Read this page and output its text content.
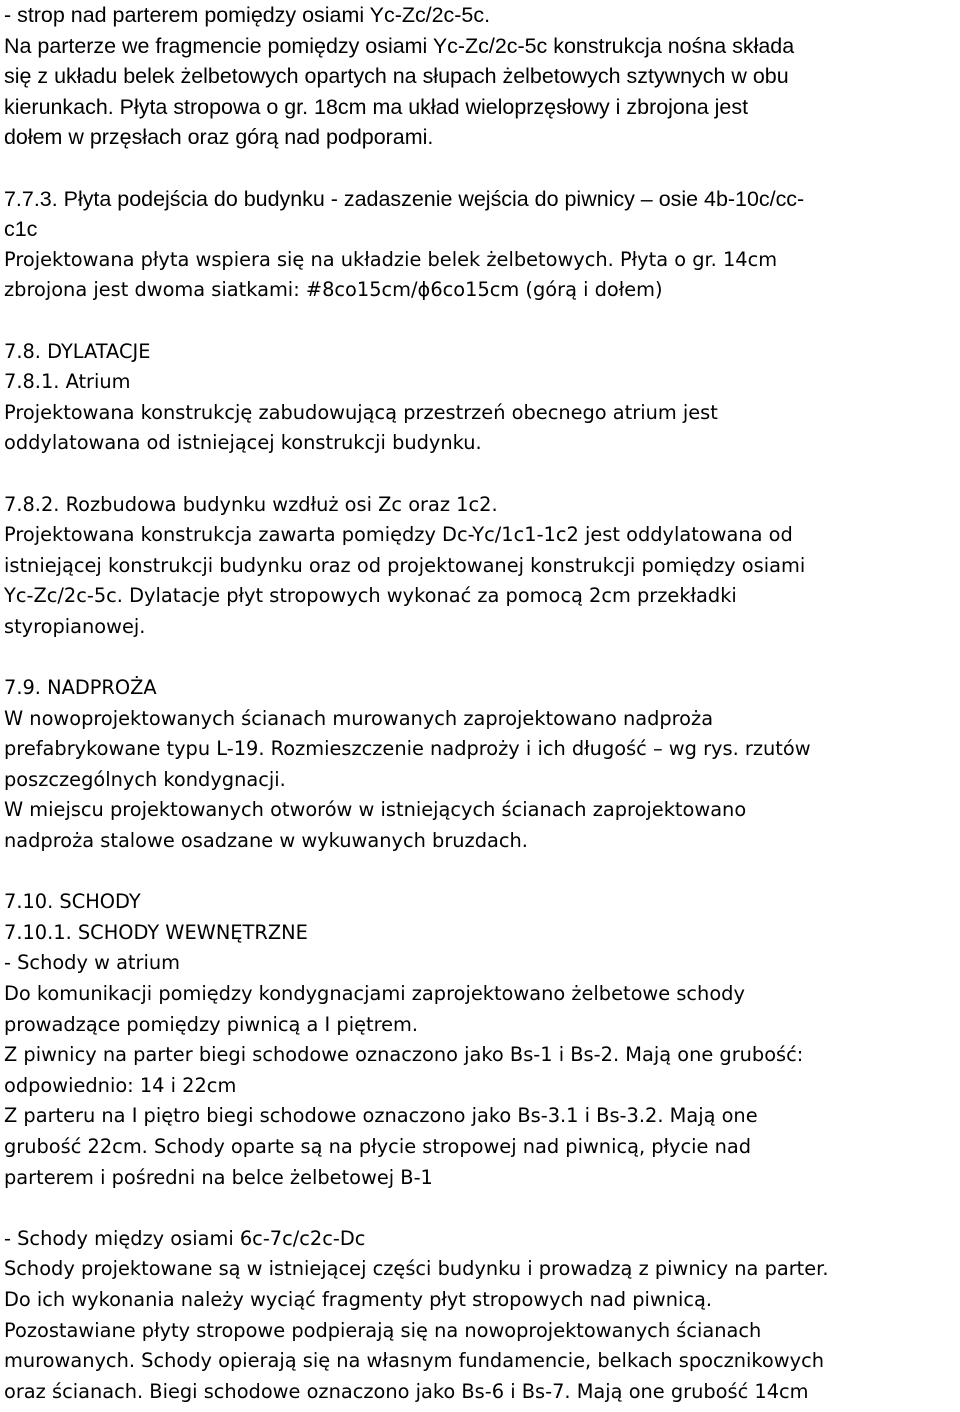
- strop nad parterem pomiędzy osiami Yc-Zc/2c-5c.
Na parterze we fragmencie pomiędzy osiami Yc-Zc/2c-5c konstrukcja nośna składa
się z układu belek żelbetowych opartych na słupach żelbetowych sztywnych w obu
kierunkach. Płyta stropowa o gr. 18cm ma układ wieloprzęsłowy i zbrojona jest
dołem w przęsłach oraz górą nad podporami.
7.7.3. Płyta podejścia do budynku - zadaszenie wejścia do piwnicy – osie 4b-10c/cc-
c1c
Projektowana płyta wspiera się na układzie belek żelbetowych. Płyta o gr. 14cm
zbrojona jest dwoma siatkami: #8co15cm/ϕ6co15cm (górą i dołem)
7.8. DYLATACJE
7.8.1. Atrium
Projektowana konstrukcję zabudowującą przestrzeń obecnego atrium jest
oddylatowana od istniejącej konstrukcji budynku.
7.8.2. Rozbudowa budynku wzdłuż osi Zc oraz 1c2.
Projektowana konstrukcja zawarta pomiędzy Dc-Yc/1c1-1c2 jest oddylatowana od
istniejącej konstrukcji budynku oraz od projektowanej konstrukcji pomiędzy osiami
Yc-Zc/2c-5c. Dylatacje płyt stropowych wykonać za pomocą 2cm przekładki
styropianowej.
7.9. NADPROŻA
W nowoprojektowanych ścianach murowanych zaprojektowano nadproża
prefabrykowane typu L-19. Rozmieszczenie nadproży i ich długość – wg rys. rzutów
poszczególnych kondygnacji.
W miejscu projektowanych otworów w istniejących ścianach zaprojektowano
nadproża stalowe osadzane w wykuwanych bruzdach.
7.10. SCHODY
7.10.1. SCHODY WEWNĘTRZNE
- Schody w atrium
Do komunikacji pomiędzy kondygnacjami zaprojektowano żelbetowe schody
prowadzące pomiędzy piwnicą a I piętrem.
Z piwnicy na parter biegi schodowe oznaczono jako Bs-1 i Bs-2. Mają one grubość:
odpowiednio: 14 i 22cm
Z parteru na I piętro biegi schodowe oznaczono jako Bs-3.1 i Bs-3.2. Mają one
grubość 22cm. Schody oparte są na płycie stropowej nad piwnicą, płycie nad
parterem i pośredni na belce żelbetowej B-1
- Schody między osiami 6c-7c/c2c-Dc
Schody projektowane są w istniejącej części budynku i prowadzą z piwnicy na parter.
Do ich wykonania należy wyciąć fragmenty płyt stropowych nad piwnicą.
Pozostawiane płyty stropowe podpierają się na nowoprojektowanych ścianach
murowanych. Schody opierają się na własnym fundamencie, belkach spocznikowych
oraz ścianach. Biegi schodowe oznaczono jako Bs-6 i Bs-7. Mają one grubość 14cm
